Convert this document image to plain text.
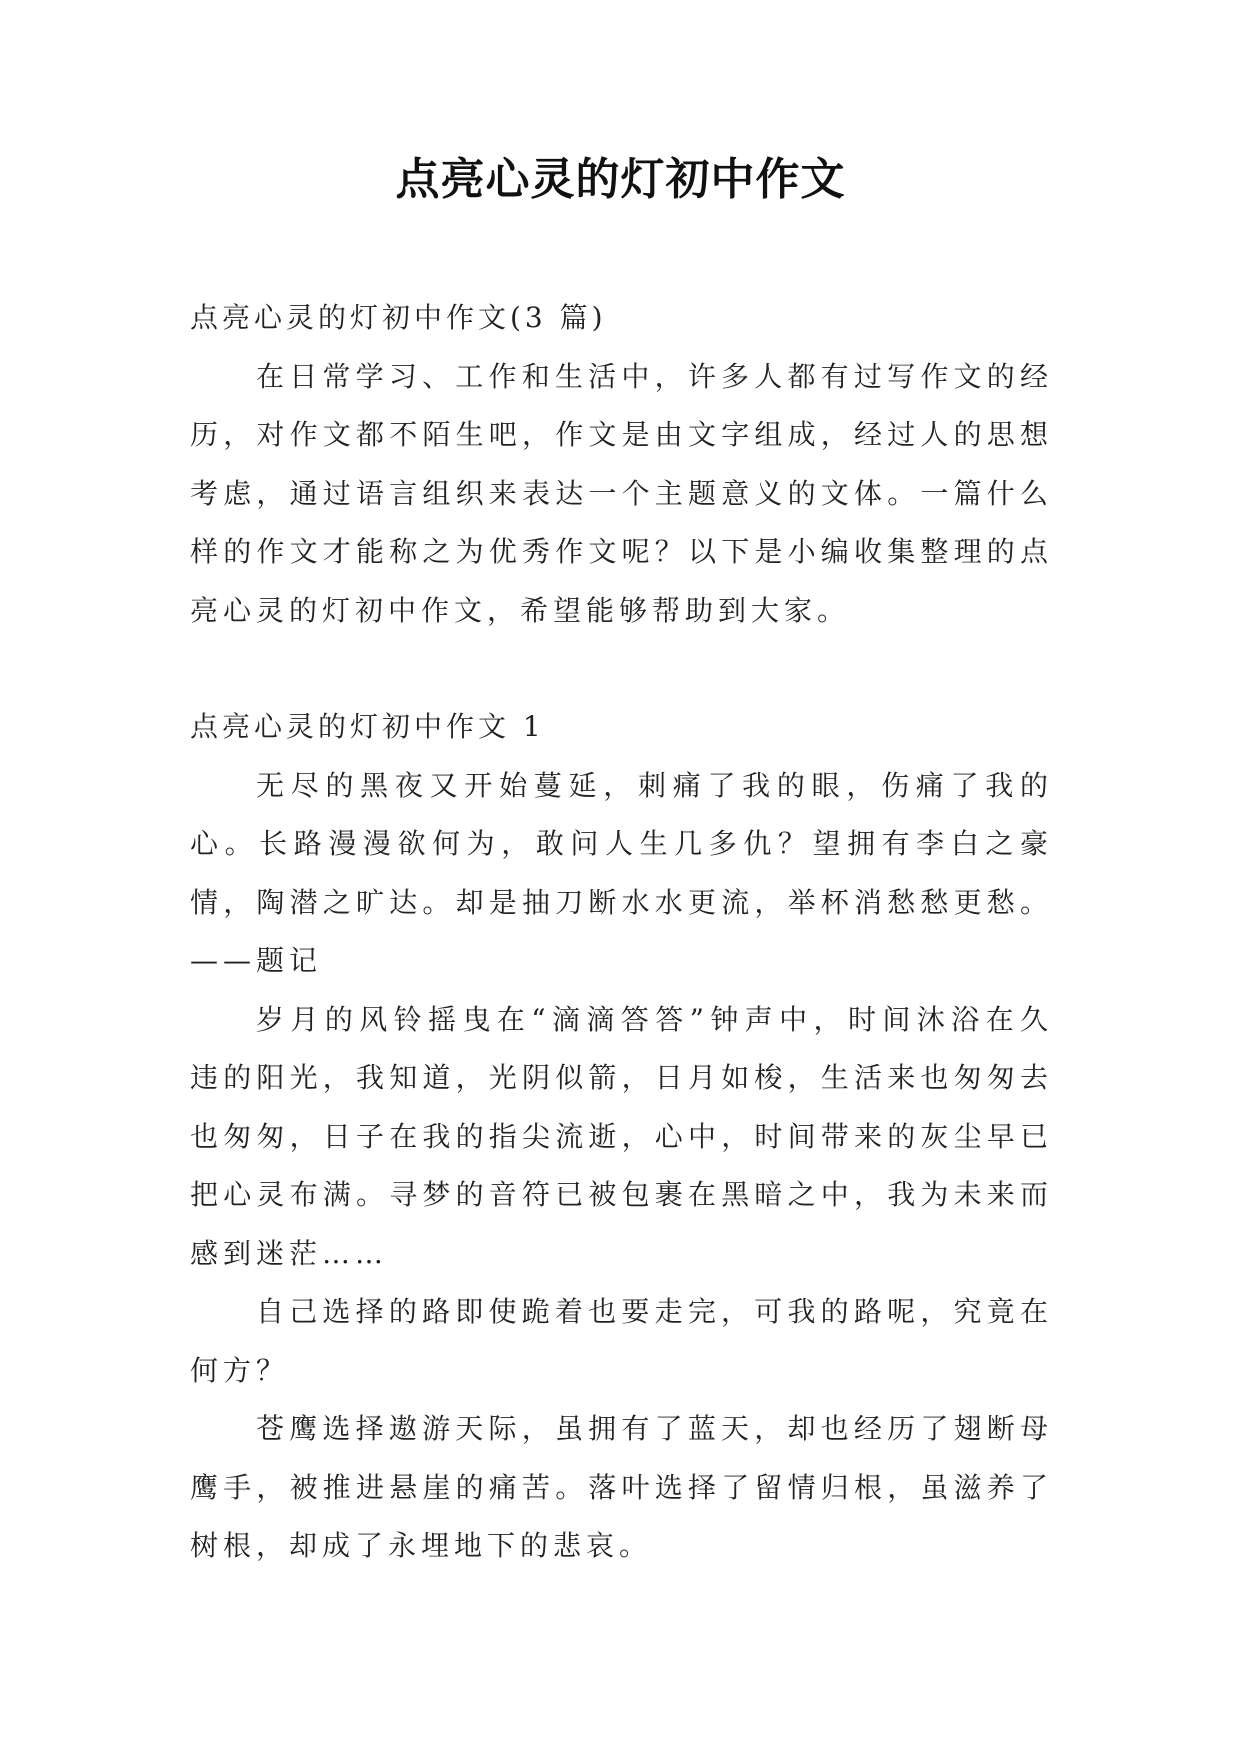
点亮心灵的灯初中作文

点亮心灵的灯初中作文(3 篇)

在日常学习、工作和生活中，许多人都有过写作文的经历，对作文都不陌生吧，作文是由文字组成，经过人的思想考虑，通过语言组织来表达一个主题意义的文体。一篇什么样的作文才能称之为优秀作文呢？以下是小编收集整理的点亮心灵的灯初中作文，希望能够帮助到大家。

点亮心灵的灯初中作文 1

无尽的黑夜又开始蔓延，刺痛了我的眼，伤痛了我的心。长路漫漫欲何为，敢问人生几多仇？望拥有李白之豪情，陶潜之旷达。却是抽刀断水水更流，举杯消愁愁更愁。——题记

岁月的风铃摇曳在“滴滴答答”钟声中，时间沐浴在久违的阳光，我知道，光阴似箭，日月如梭，生活来也匆匆去也匆匆，日子在我的指尖流逝，心中，时间带来的灰尘早已把心灵布满。寻梦的音符已被包裹在黑暗之中，我为未来而感到迷茫……

自己选择的路即使跪着也要走完，可我的路呢，究竟在何方？

苍鹰选择遨游天际，虽拥有了蓝天，却也经历了翅断母鹰手，被推进悬崖的痛苦。落叶选择了留情归根，虽滋养了树根，却成了永埋地下的悲哀。
